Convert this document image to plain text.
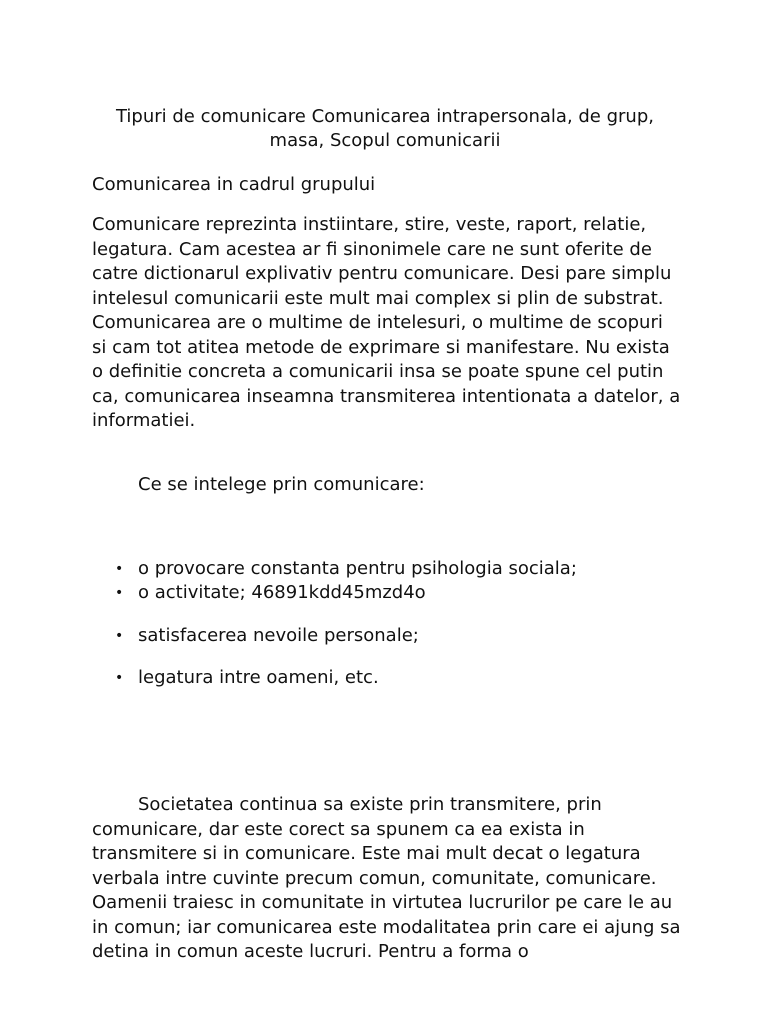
Tipuri de comunicare Comunicarea intrapersonala, de grup, masa, Scopul comunicarii
Comunicarea in cadrul grupului

Comunicare reprezinta instiintare, stire, veste, raport, relatie, legatura. Cam acestea ar fi sinonimele care ne sunt oferite de catre dictionarul explivativ pentru comunicare. Desi pare simplu intelesul comunicarii este mult mai complex si plin de substrat. Comunicarea are o multime de intelesuri, o multime de scopuri si cam tot atitea metode de exprimare si manifestare. Nu exista o definitie concreta a comunicarii insa se poate spune cel putin ca, comunicarea inseamna transmiterea intentionata a datelor, a informatiei.

Ce se intelege prin comunicare:

• o provocare constanta pentru psihologia sociala;
• o activitate; 46891kdd45mzd4o
• satisfacerea nevoile personale;
• legatura intre oameni, etc.

Societatea continua sa existe prin transmitere, prin comunicare, dar este corect sa spunem ca ea exista in transmitere si in comunicare. Este mai mult decat o legatura verbala intre cuvinte precum comun, comunitate, comunicare. Oamenii traiesc in comunitate in virtutea lucrurilor pe care le au in comun; iar comunicarea este modalitatea prin care ei ajung sa detina in comun aceste lucruri. Pentru a forma o
